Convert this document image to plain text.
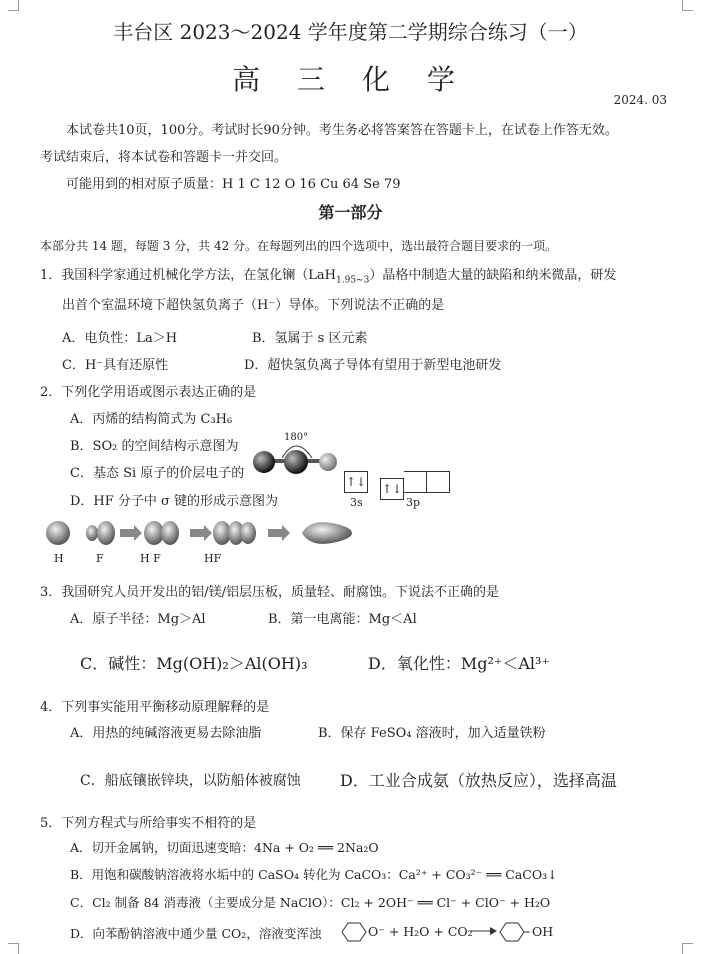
丰台区 2023～2024 学年度第二学期综合练习（一）
高 三 化 学
2024. 03
本试卷共10页，100分。考试时长90分钟。考生务必将答案答在答题卡上，在试卷上作答无效。
考试结束后，将本试卷和答题卡一并交回。
可能用到的相对原子质量：H 1 C 12 O 16 Cu 64 Se 79
第一部分
本部分共 14 题，每题 3 分，共 42 分。在每题列出的四个选项中，选出最符合题目要求的一项。
1．我国科学家通过机械化学方法，在氢化镧（LaH$_{1.95\sim 3}$）晶格中制造大量的缺陷和纳米微晶，研发
出首个室温环境下超快氢负离子（H⁻）导体。下列说法不正确的是
A．电负性：La＞H	B．氢属于 s 区元素
C．H⁻具有还原性	D．超快氢负离子导体有望用于新型电池研发
2．下列化学用语或图示表达正确的是
A．丙烯的结构简式为 C₃H₆
B．SO₂ 的空间结构示意图为
C．基态 Si 原子的价层电子的
D．HF 分子中 σ 键的形成示意图为
180°
↑↓ ↑↓
3s	3p
H	F	H F	HF
3．我国研究人员开发出的铝/镁/铝层压板，质量轻、耐腐蚀。下说法不正确的是
A．原子半径：Mg＞Al	B．第一电离能：Mg＜Al
C．碱性：Mg(OH)₂＞Al(OH)₃	D．氧化性：Mg²⁺＜Al³⁺
4．下列事实能用平衡移动原理解释的是
A．用热的纯碱溶液更易去除油脂	B．保存 FeSO₄ 溶液时，加入适量铁粉
C．船底镶嵌锌块，以防船体被腐蚀 D．工业合成氨（放热反应），选择高温
5．下列方程式与所给事实不相符的是
A．切开金属钠，切面迅速变暗：4Na + O₂ ══ 2Na₂O
B．用饱和碳酸钠溶液将水垢中的 CaSO₄ 转化为 CaCO₃：Ca²⁺ + CO₃²⁻ ══ CaCO₃↓
C．Cl₂ 制备 84 消毒液（主要成分是 NaClO）：Cl₂ + 2OH⁻ ══ Cl⁻ + ClO⁻ + H₂O
D．向苯酚钠溶液中通少量 CO₂，溶液变浑浊	O⁻ + H₂O + CO₂	OH
